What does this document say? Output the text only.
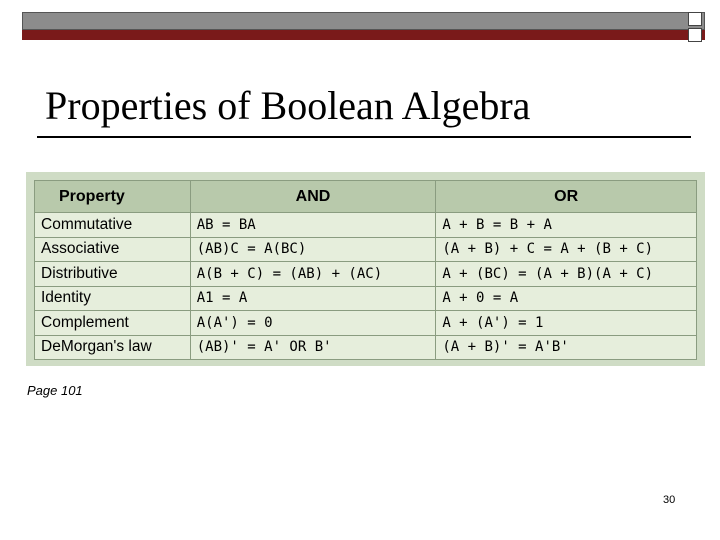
Properties of Boolean Algebra
Property	AND	OR
Commutative	AB = BA	A + B = B + A
Associative	(AB)C = A(BC)	(A + B) + C = A + (B + C)
Distributive	A(B + C) = (AB) + (AC)	A + (BC) = (A + B)(A + C)
Identity	A1 = A	A + 0 = A
Complement	A(A') = 0	A + (A') = 1
DeMorgan's law	(AB)' = A' OR B'	(A + B)' = A'B'
Page 101
30
